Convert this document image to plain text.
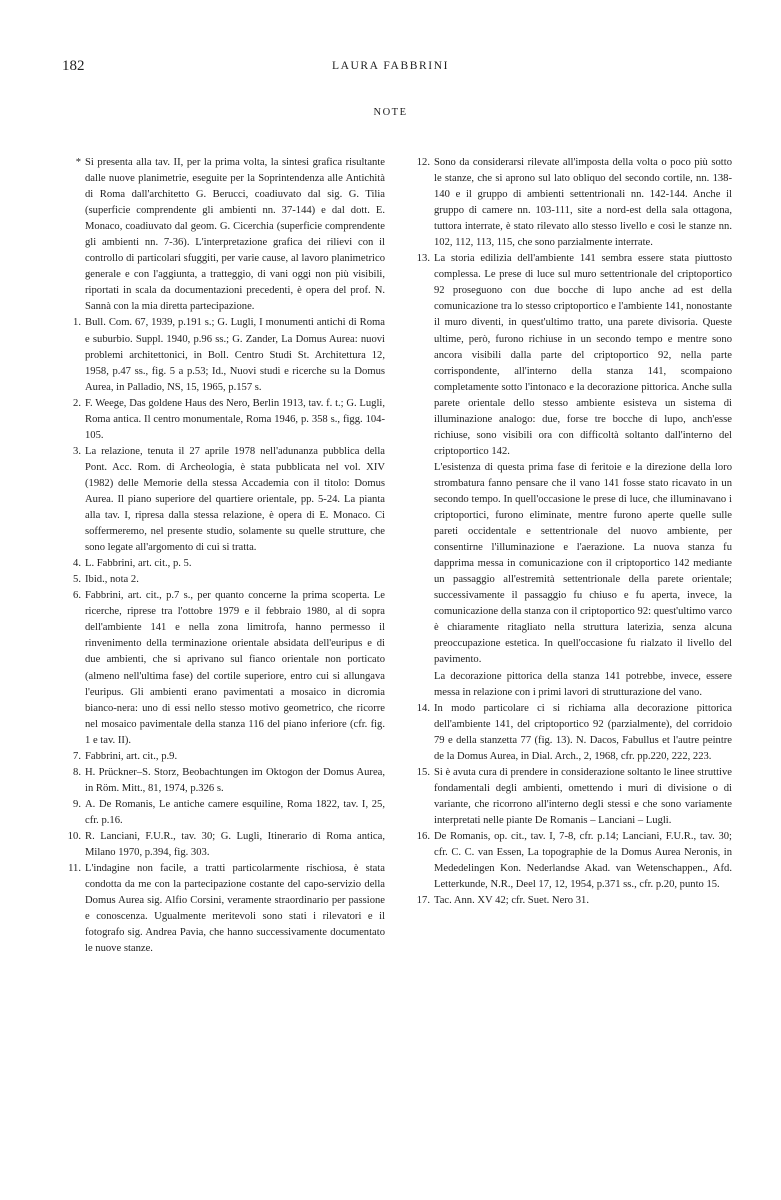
182	LAURA FABBRINI
NOTE
* Si presenta alla tav. II, per la prima volta, la sintesi grafica risultante dalle nuove planimetrie, eseguite per la Soprintendenza alle Antichità di Roma dall'architetto G. Berucci, coadiuvato dal sig. G. Tilia (superficie comprendente gli ambienti nn. 37-144) e dal dott. E. Monaco, coadiuvato dal geom. G. Cicerchia (superficie comprendente gli ambienti nn. 7-36). L'interpretazione grafica dei rilievi con il controllo di particolari sfuggiti, per varie cause, al lavoro planimetrico generale e con l'aggiunta, a tratteggio, di vani oggi non più visibili, riportati in scala da documentazioni precedenti, è opera del prof. N. Sannà con la mia diretta partecipazione.
1. Bull. Com. 67, 1939, p.191 s.; G. Lugli, I monumenti antichi di Roma e suburbio. Suppl. 1940, p.96 ss.; G. Zander, La Domus Aurea: nuovi problemi architettonici, in Boll. Centro Studi St. Architettura 12, 1958, p.47 ss., fig. 5 a p.53; Id., Nuovi studi e ricerche su la Domus Aurea, in Palladio, NS, 15, 1965, p.157 s.
2. F. Weege, Das goldene Haus des Nero, Berlin 1913, tav. f. t.; G. Lugli, Roma antica. Il centro monumentale, Roma 1946, p. 358 s., figg. 104-105.
3. La relazione, tenuta il 27 aprile 1978 nell'adunanza pubblica della Pont. Acc. Rom. di Archeologia, è stata pubblicata nel vol. XIV (1982) delle Memorie della stessa Accademia con il titolo: Domus Aurea. Il piano superiore del quartiere orientale, pp. 5-24. La pianta alla tav. I, ripresa dalla stessa relazione, è opera di E. Monaco. Ci soffermeremo, nel presente studio, solamente su quelle strutture, che sono legate all'argomento di cui si tratta.
4. L. Fabbrini, art. cit., p. 5.
5. Ibid., nota 2.
6. Fabbrini, art. cit., p.7 s., per quanto concerne la prima scoperta. Le ricerche, riprese tra l'ottobre 1979 e il febbraio 1980, al di sopra dell'ambiente 141 e nella zona limitrofa, hanno permesso il rinvenimento della terminazione orientale absidata dell'euripus e di due ambienti, che si aprivano sul fianco orientale non porticato (almeno nell'ultima fase) del cortile superiore, entro cui si allungava l'euripus. Gli ambienti erano pavimentati a mosaico in dicromia bianco-nera: uno di essi nello stesso motivo geometrico, che ricorre nel mosaico pavimentale della stanza 116 del piano inferiore (cfr. fig. 1 e tav. II).
7. Fabbrini, art. cit., p.9.
8. H. Prückner–S. Storz, Beobachtungen im Oktogon der Domus Aurea, in Röm. Mitt., 81, 1974, p.326 s.
9. A. De Romanis, Le antiche camere esquiline, Roma 1822, tav. I, 25, cfr. p.16.
10. R. Lanciani, F.U.R., tav. 30; G. Lugli, Itinerario di Roma antica, Milano 1970, p.394, fig. 303.
11. L'indagine non facile, a tratti particolarmente rischiosa, è stata condotta da me con la partecipazione costante del capo-servizio della Domus Aurea sig. Alfio Corsini, veramente straordinario per passione e conoscenza. Ugualmente meritevoli sono stati i rilevatori e il fotografo sig. Andrea Pavia, che hanno successivamente documentato le nuove stanze.
12. Sono da considerarsi rilevate all'imposta della volta o poco più sotto le stanze, che si aprono sul lato obliquo del secondo cortile, nn. 138-140 e il gruppo di ambienti settentrionali nn. 142-144. Anche il gruppo di camere nn. 103-111, site a nord-est della sala ottagona, tuttora interrate, è stato rilevato allo stesso livello e così le stanze nn. 102, 112, 113, 115, che sono parzialmente interrate.
13. La storia edilizia dell'ambiente 141 sembra essere stata piuttosto complessa. Le prese di luce sul muro settentrionale del criptoportico 92 proseguono con due bocche di lupo anche ad est della comunicazione tra lo stesso criptoportico e l'ambiente 141, nonostante il muro diventi, in quest'ultimo tratto, una parete divisoria. Queste ultime, però, furono richiuse in un secondo tempo e mentre sono ancora visibili dalla parte del criptoportico 92, nella parte corrispondente, all'interno della stanza 141, scompaiono completamente sotto l'intonaco e la decorazione pittorica. Anche sulla parete orientale dello stesso ambiente esisteva un sistema di illuminazione analogo: due, forse tre bocche di lupo, anch'esse richiuse, sono visibili ora con difficoltà soltanto dall'interno del criptoportico 142.

L'esistenza di questa prima fase di feritoie e la direzione della loro strombatura fanno pensare che il vano 141 fosse stato ricavato in un secondo tempo. In quell'occasione le prese di luce, che illuminavano i criptoportici, furono eliminate, mentre furono aperte quelle sulle pareti occidentale e settentrionale del nuovo ambiente, per consentirne l'illuminazione e l'aerazione. La nuova stanza fu dapprima messa in comunicazione con il criptoportico 142 mediante un passaggio all'estremità settentrionale della parete orientale; successivamente il passaggio fu chiuso e fu aperta, invece, la comunicazione della stanza con il criptoportico 92: quest'ultimo varco è chiaramente ritagliato nella struttura laterizia, senza alcuna preoccupazione estetica. In quell'occasione fu rialzato il livello del pavimento.

La decorazione pittorica della stanza 141 potrebbe, invece, essere messa in relazione con i primi lavori di strutturazione del vano.

14. In modo particolare ci si richiama alla decorazione pittorica dell'ambiente 141, del criptoportico 92 (parzialmente), del corridoio 79 e della stanzetta 77 (fig. 13). N. Dacos, Fabullus et l'autre peintre de la Domus Aurea, in Dial. Arch., 2, 1968, cfr. pp.220, 222, 223.
15. Si è avuta cura di prendere in considerazione soltanto le linee struttive fondamentali degli ambienti, omettendo i muri di divisione o di variante, che ricorrono all'interno degli stessi e che sono variamente interpretati nelle piante De Romanis – Lanciani – Lugli.
16. De Romanis, op. cit., tav. I, 7-8, cfr. p.14; Lanciani, F.U.R., tav. 30; cfr. C. C. van Essen, La topographie de la Domus Aurea Neronis, in Mededelingen Kon. Nederlandse Akad. van Wetenschappen., Afd. Letterkunde, N.R., Deel 17, 12, 1954, p.371 ss., cfr. p.20, punto 15.
17. Tac. Ann. XV 42; cfr. Suet. Nero 31.
